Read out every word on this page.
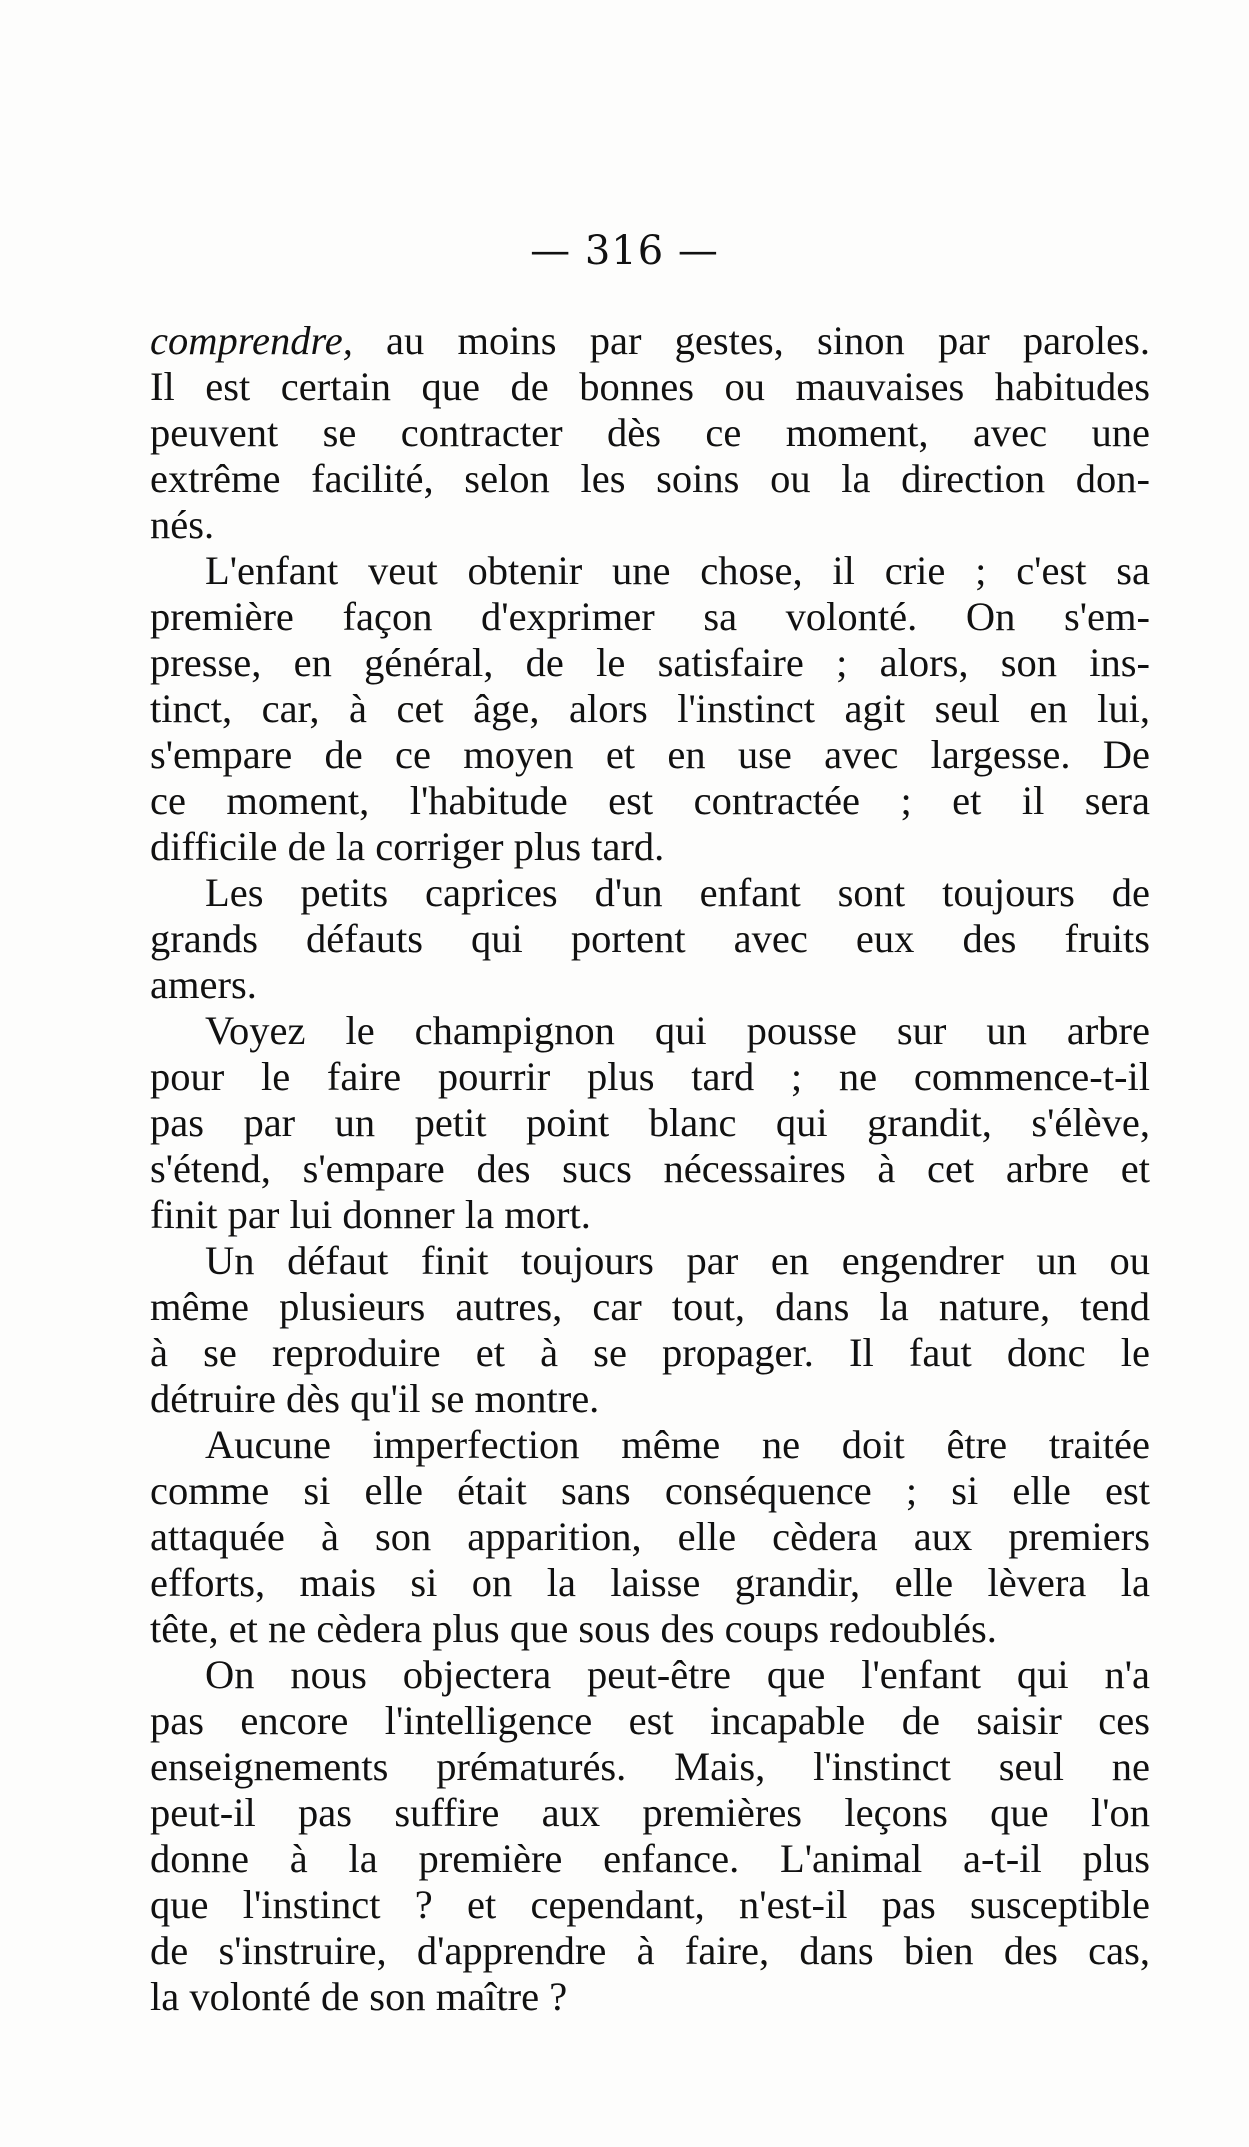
— 316 —
comprendre, au moins par gestes, sinon par paroles.
Il est certain que de bonnes ou mauvaises habitudes
peuvent se contracter dès ce moment, avec une
extrême facilité, selon les soins ou la direction don-
nés.
L'enfant veut obtenir une chose, il crie ; c'est sa
première façon d'exprimer sa volonté. On s'em-
presse, en général, de le satisfaire ; alors, son ins-
tinct, car, à cet âge, alors l'instinct agit seul en lui,
s'empare de ce moyen et en use avec largesse. De
ce moment, l'habitude est contractée ; et il sera
difficile de la corriger plus tard.
Les petits caprices d'un enfant sont toujours de
grands défauts qui portent avec eux des fruits
amers.
Voyez le champignon qui pousse sur un arbre
pour le faire pourrir plus tard ; ne commence-t-il
pas par un petit point blanc qui grandit, s'élève,
s'étend, s'empare des sucs nécessaires à cet arbre et
finit par lui donner la mort.
Un défaut finit toujours par en engendrer un ou
même plusieurs autres, car tout, dans la nature, tend
à se reproduire et à se propager. Il faut donc le
détruire dès qu'il se montre.
Aucune imperfection même ne doit être traitée
comme si elle était sans conséquence ; si elle est
attaquée à son apparition, elle cèdera aux premiers
efforts, mais si on la laisse grandir, elle lèvera la
tête, et ne cèdera plus que sous des coups redoublés.
On nous objectera peut-être que l'enfant qui n'a
pas encore l'intelligence est incapable de saisir ces
enseignements prématurés. Mais, l'instinct seul ne
peut-il pas suffire aux premières leçons que l'on
donne à la première enfance. L'animal a-t-il plus
que l'instinct ? et cependant, n'est-il pas susceptible
de s'instruire, d'apprendre à faire, dans bien des cas,
la volonté de son maître ?
